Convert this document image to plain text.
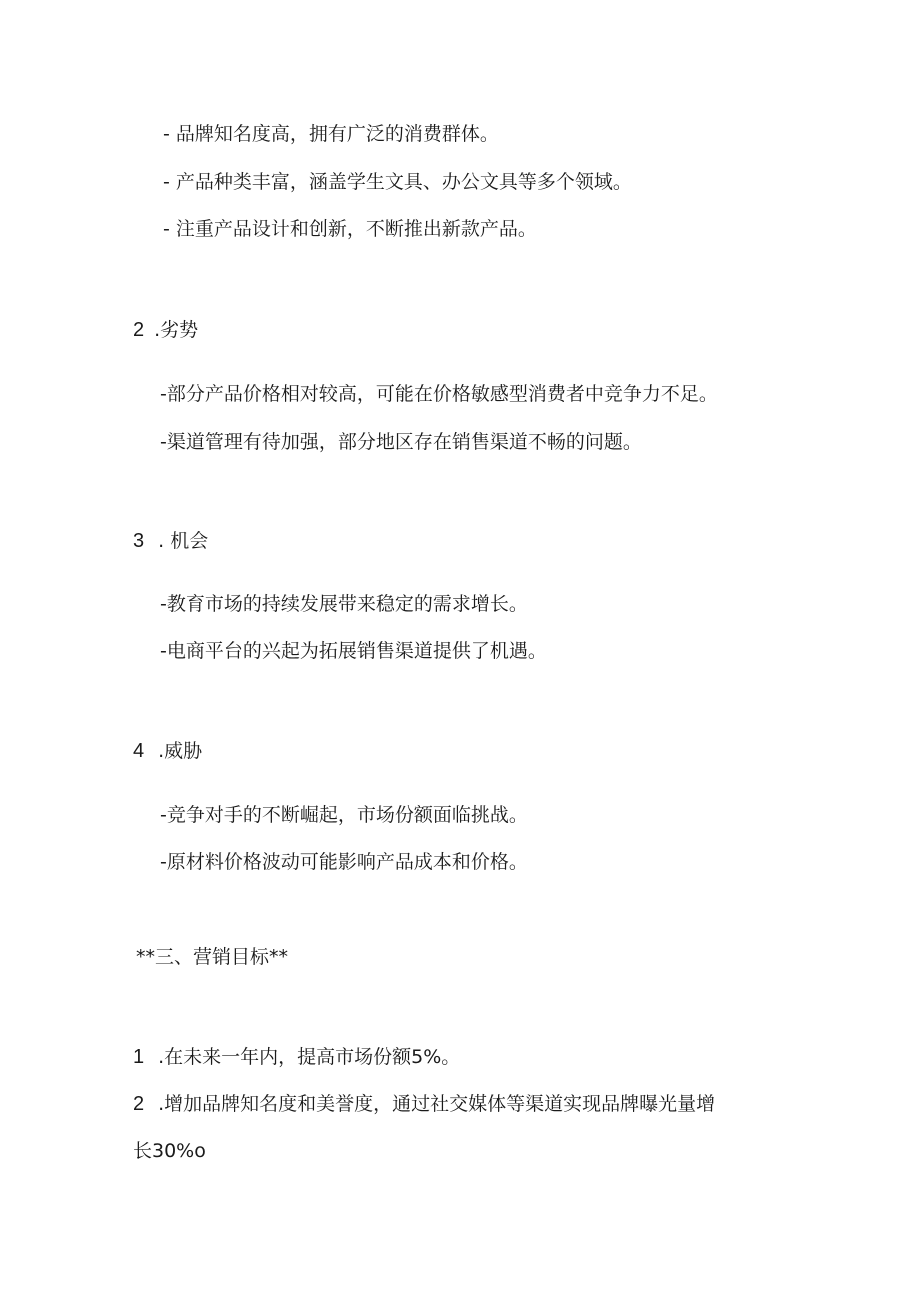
- 品牌知名度高，拥有广泛的消费群体。
- 产品种类丰富，涵盖学生文具、办公文具等多个领域。
- 注重产品设计和创新，不断推出新款产品。
2 .劣势
-部分产品价格相对较高，可能在价格敏感型消费者中竞争力不足。
-渠道管理有待加强，部分地区存在销售渠道不畅的问题。
3 . 机会
-教育市场的持续发展带来稳定的需求增长。
-电商平台的兴起为拓展销售渠道提供了机遇。
4 .威胁
-竞争对手的不断崛起，市场份额面临挑战。
-原材料价格波动可能影响产品成本和价格。
**三、营销目标**
1 .在未来一年内，提高市场份额5%。
2 .增加品牌知名度和美誉度，通过社交媒体等渠道实现品牌曝光量增
长30%o
